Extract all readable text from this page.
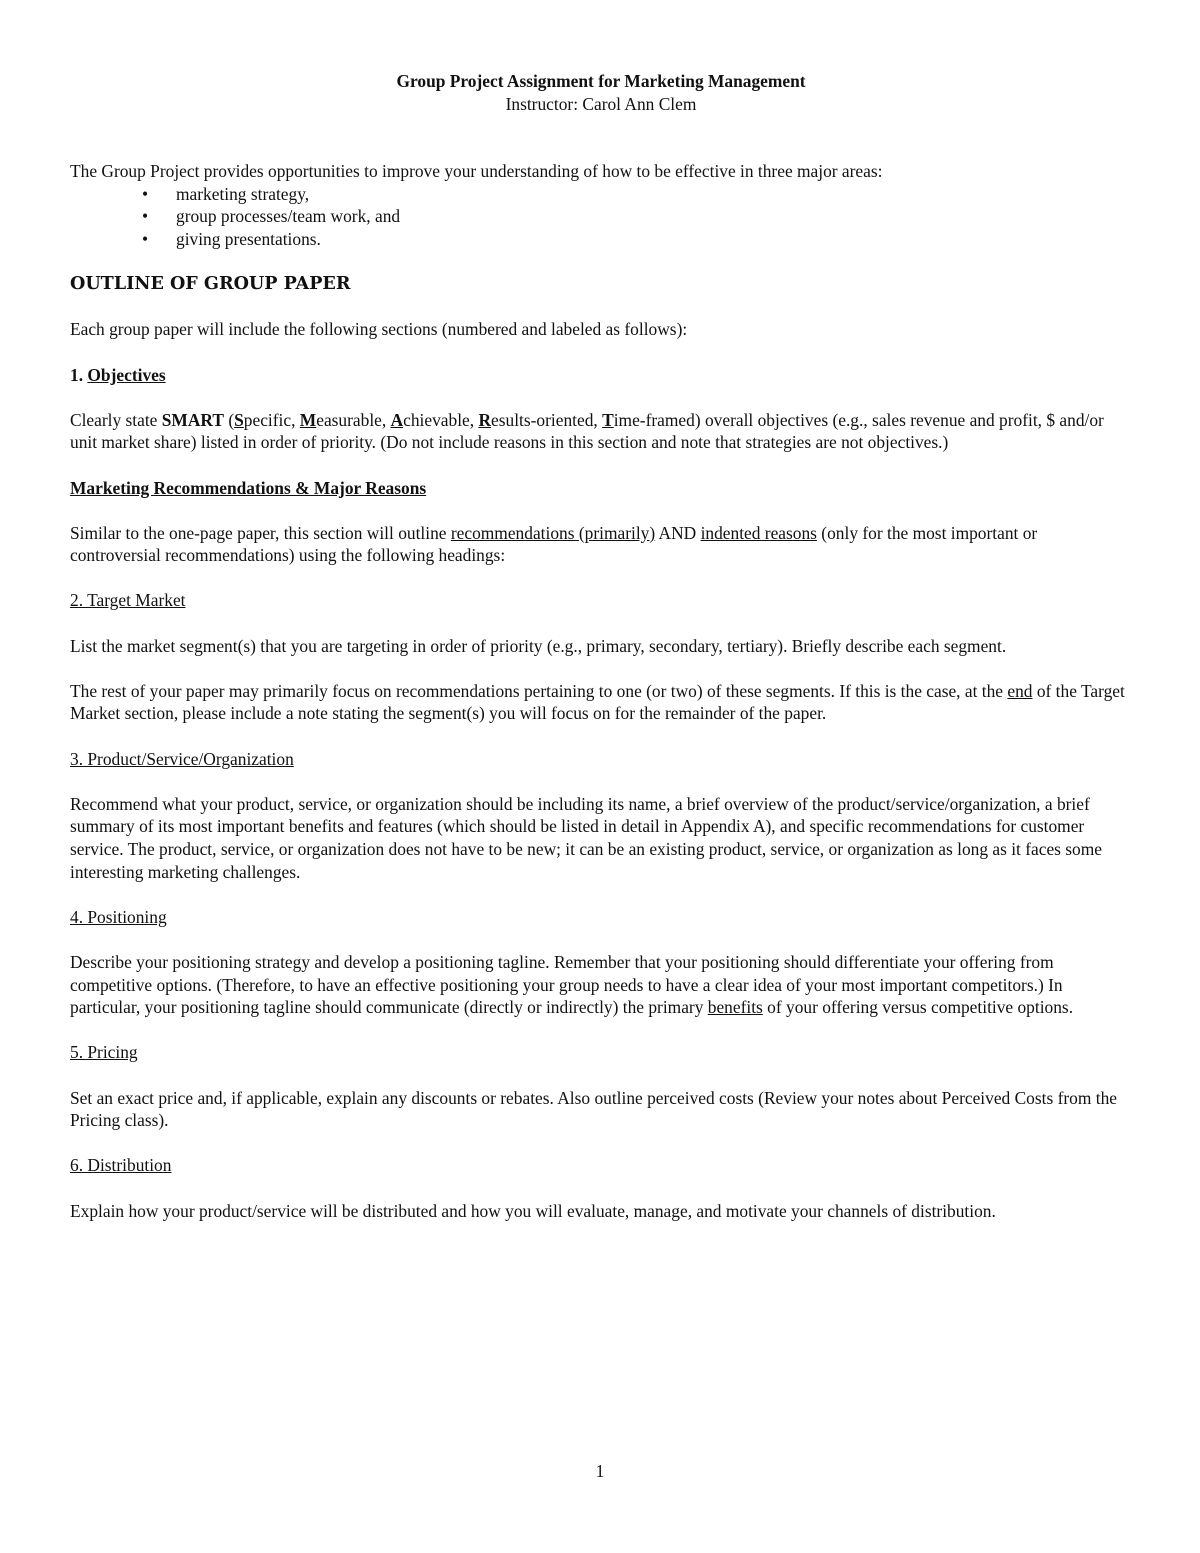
Group Project Assignment for Marketing Management

Instructor: Carol Ann Clem

The Group Project provides opportunities to improve your understanding of how to be effective in three major areas:

• marketing strategy,
• group processes/team work, and
• giving presentations.
OUTLINE OF GROUP PAPER

Each group paper will include the following sections (numbered and labeled as follows):

1. Objectives

Clearly state SMART (Specific, Measurable, Achievable, Results-oriented, Time-framed) overall objectives (e.g., sales revenue and profit, $ and/or unit market share) listed in order of priority. (Do not include reasons in this section and note that strategies are not objectives.)

Marketing Recommendations & Major Reasons

Similar to the one-page paper, this section will outline recommendations (primarily) AND indented reasons (only for the most important or controversial recommendations) using the following headings:

2. Target Market

List the market segment(s) that you are targeting in order of priority (e.g., primary, secondary, tertiary). Briefly describe each segment.

The rest of your paper may primarily focus on recommendations pertaining to one (or two) of these segments. If this is the case, at the end of the Target Market section, please include a note stating the segment(s) you will focus on for the remainder of the paper.

3. Product/Service/Organization

Recommend what your product, service, or organization should be including its name, a brief overview of the product/service/organization, a brief summary of its most important benefits and features (which should be listed in detail in Appendix A), and specific recommendations for customer service. The product, service, or organization does not have to be new; it can be an existing product, service, or organization as long as it faces some interesting marketing challenges.

4. Positioning

Describe your positioning strategy and develop a positioning tagline. Remember that your positioning should differentiate your offering from competitive options. (Therefore, to have an effective positioning your group needs to have a clear idea of your most important competitors.) In particular, your positioning tagline should communicate (directly or indirectly) the primary benefits of your offering versus competitive options.

5. Pricing

Set an exact price and, if applicable, explain any discounts or rebates. Also outline perceived costs (Review your notes about Perceived Costs from the Pricing class).

6. Distribution

Explain how your product/service will be distributed and how you will evaluate, manage, and motivate your channels of distribution.

1
